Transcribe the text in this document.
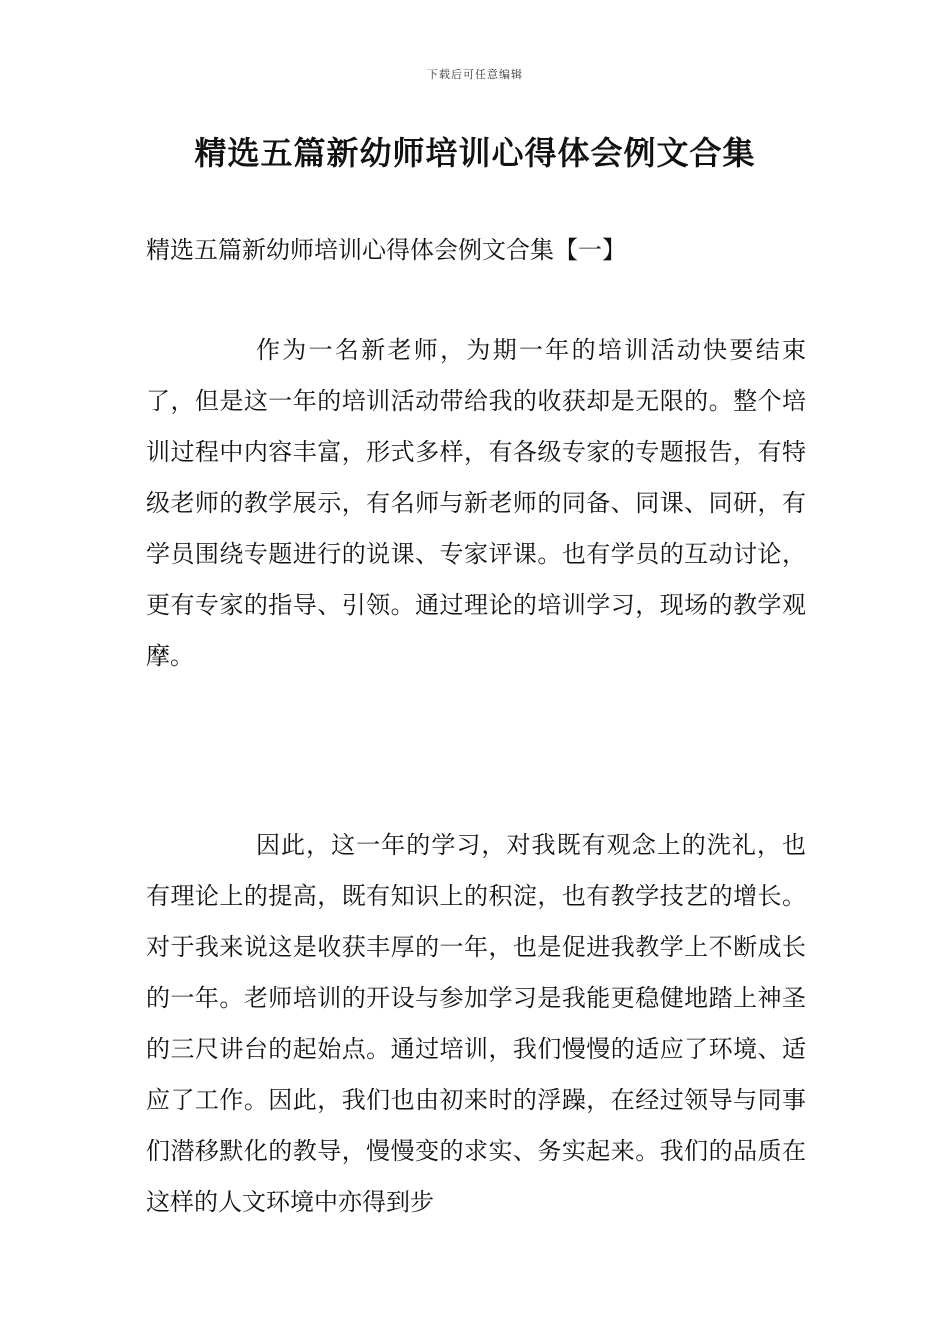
下载后可任意编辑
精选五篇新幼师培训心得体会例文合集
精选五篇新幼师培训心得体会例文合集【一】
作为一名新老师，为期一年的培训活动快要结束了，但是这一年的培训活动带给我的收获却是无限的。整个培训过程中内容丰富，形式多样，有各级专家的专题报告，有特级老师的教学展示，有名师与新老师的同备、同课、同研，有学员围绕专题进行的说课、专家评课。也有学员的互动讨论，更有专家的指导、引领。通过理论的培训学习，现场的教学观摩。
因此，这一年的学习，对我既有观念上的洗礼，也有理论上的提高，既有知识上的积淀，也有教学技艺的增长。对于我来说这是收获丰厚的一年，也是促进我教学上不断成长的一年。老师培训的开设与参加学习是我能更稳健地踏上神圣的三尺讲台的起始点。通过培训，我们慢慢的适应了环境、适应了工作。因此，我们也由初来时的浮躁，在经过领导与同事们潜移默化的教导，慢慢变的求实、务实起来。我们的品质在这样的人文环境中亦得到步
